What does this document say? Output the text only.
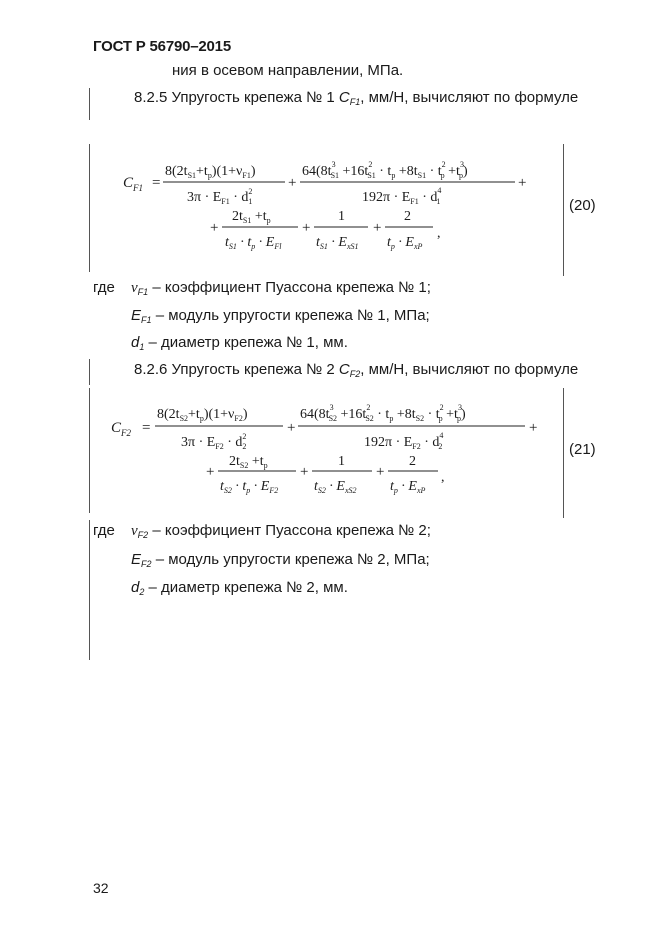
ГОСТ Р 56790–2015
ния в осевом направлении, МПа.
8.2.5 Упругость крепежа № 1 $C_{F1}$, мм/Н, вычисляют по формуле
$C_{F1}$ =
$8(2t_{S1}+t_p)(1+\nu_{F1})$
$3\pi \cdot E_{F1} \cdot d_12$
+
$64(8t^3$ $S1 +16t^2$ $S1 \cdot t_p +8t_{S1} \cdot t^2$ $p +t^3$ p)
$192\pi \cdot E_{F1} \cdot d^4$ 1
+
+
$2t_{S1} +t_p$
$t_{S1} \cdot t_p \cdot E_{Fl}$
+
1
$t_{S1} \cdot E_{xS1}$
+
2
$t_p \cdot E_{xP}$
,
$C_{F2}$ =
$8(2t_{S2}+t_p)(1+\nu_{F2})$
$3\pi \cdot E_{F2} \cdot d_22$
+
$64(8t^3$ $S2 +16t^2$ $S2 \cdot t_p +8t_{S2} \cdot t^2$ $p +t^3$ p)
$192\pi \cdot E_{F2} \cdot d^4$ 2
+
+
$2t_{S2} +t_p$
$t_{S2} \cdot t_p \cdot E_{F2}$
+
1
$t_{S2} \cdot E_{xS2}$
+
2
$t_p \cdot E_{xP}$
,
(20)
где $\nu_{F1}$ – коэффициент Пуассона крепежа № 1;
$E_{F1}$ – модуль упругости крепежа № 1, МПа;
$d_1$ – диаметр крепежа № 1, мм.
8.2.6 Упругость крепежа № 2 $C_{F2}$, мм/Н, вычисляют по формуле
(21)
где $\nu_{F2}$ – коэффициент Пуассона крепежа № 2;
$E_{F2}$ – модуль упругости крепежа № 2, МПа;
$d_2$ – диаметр крепежа № 2, мм.
32
